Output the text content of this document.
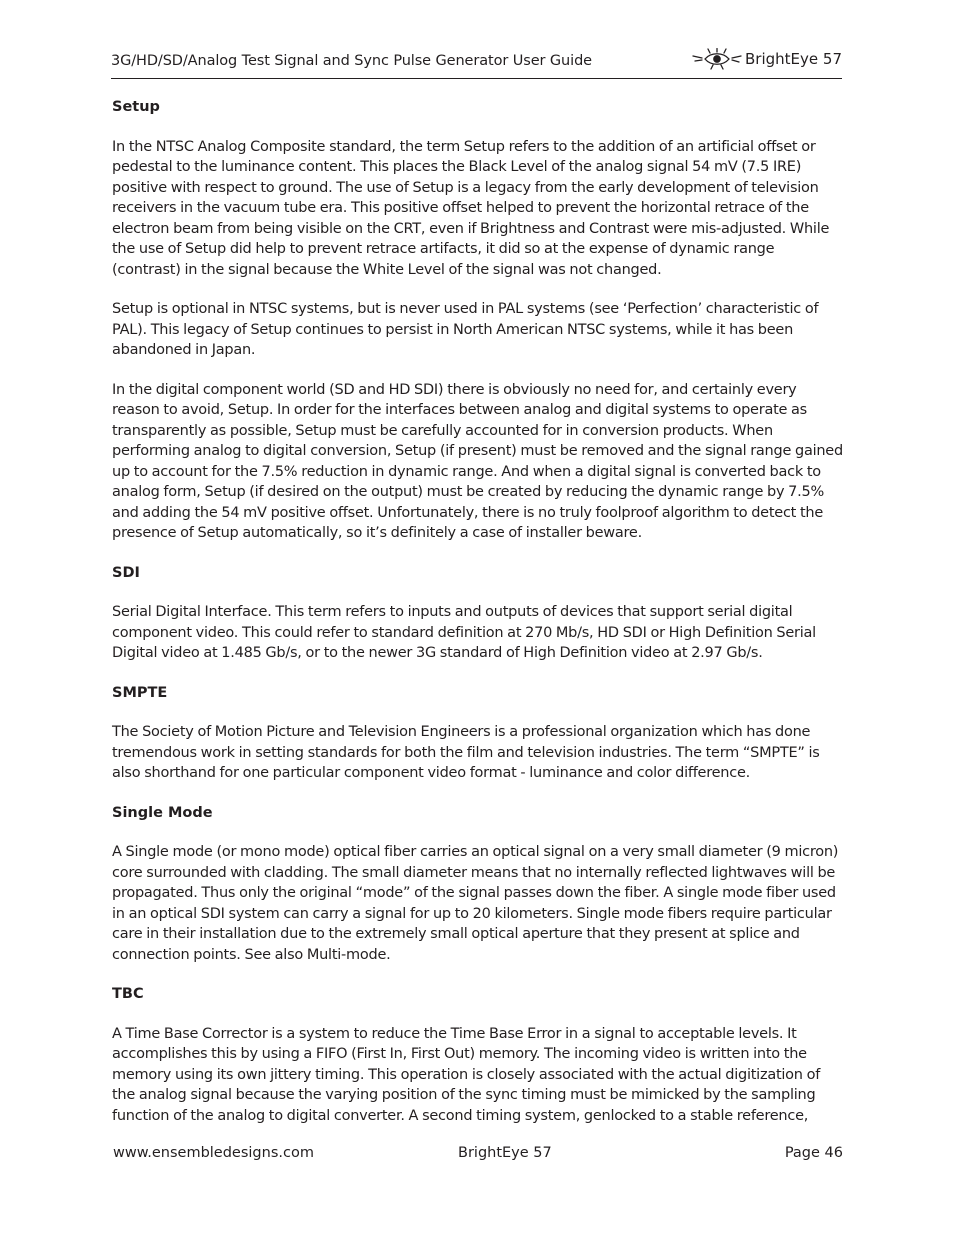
3G/HD/SD/Analog Test Signal and Sync Pulse Generator User Guide	BrightEye 57
Setup

In the NTSC Analog Composite standard, the term Setup refers to the addition of an artificial offset or pedestal to the luminance content. This places the Black Level of the analog signal 54 mV (7.5 IRE) positive with respect to ground. The use of Setup is a legacy from the early development of television receivers in the vacuum tube era. This positive offset helped to prevent the horizontal retrace of the electron beam from being visible on the CRT, even if Brightness and Contrast were mis-adjusted. While the use of Setup did help to prevent retrace artifacts, it did so at the expense of dynamic range (contrast) in the signal because the White Level of the signal was not changed.

Setup is optional in NTSC systems, but is never used in PAL systems (see ‘Perfection’ characteristic of PAL). This legacy of Setup continues to persist in North American NTSC systems, while it has been abandoned in Japan.

In the digital component world (SD and HD SDI) there is obviously no need for, and certainly every reason to avoid, Setup. In order for the interfaces between analog and digital systems to operate as transparently as possible, Setup must be carefully accounted for in conversion products. When performing analog to digital conversion, Setup (if present) must be removed and the signal range gained up to account for the 7.5% reduction in dynamic range. And when a digital signal is converted back to analog form, Setup (if desired on the output) must be created by reducing the dynamic range by 7.5% and adding the 54 mV positive offset. Unfortunately, there is no truly foolproof algorithm to detect the presence of Setup automatically, so it’s definitely a case of installer beware.

SDI

Serial Digital Interface. This term refers to inputs and outputs of devices that support serial digital component video. This could refer to standard definition at 270 Mb/s, HD SDI or High Definition Serial Digital video at 1.485 Gb/s, or to the newer 3G standard of High Definition video at 2.97 Gb/s.

SMPTE

The Society of Motion Picture and Television Engineers is a professional organization which has done tremendous work in setting standards for both the film and television industries. The term “SMPTE” is also shorthand for one particular component video format - luminance and color difference.

Single Mode

A Single mode (or mono mode) optical fiber carries an optical signal on a very small diameter (9 micron) core surrounded with cladding. The small diameter means that no internally reflected lightwaves will be propagated. Thus only the original “mode” of the signal passes down the fiber. A single mode fiber used in an optical SDI system can carry a signal for up to 20 kilometers. Single mode fibers require particular care in their installation due to the extremely small optical aperture that they present at splice and connection points. See also Multi-mode.

TBC

A Time Base Corrector is a system to reduce the Time Base Error in a signal to acceptable levels. It accomplishes this by using a FIFO (First In, First Out) memory. The incoming video is written into the memory using its own jittery timing. This operation is closely associated with the actual digitization of the analog signal because the varying position of the sync timing must be mimicked by the sampling function of the analog to digital converter. A second timing system, genlocked to a stable reference,

www.ensembledesigns.com	BrightEye 57	Page 46
